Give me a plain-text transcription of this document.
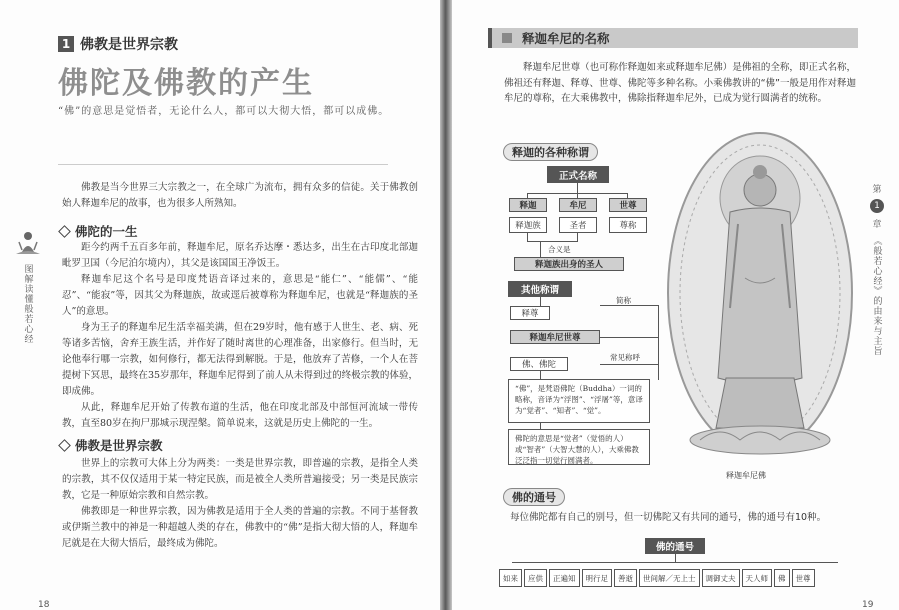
1 佛教是世界宗教
佛陀及佛教的产生
“佛”的意思是觉悟者，无论什么人，都可以大彻大悟，都可以成佛。

佛教是当今世界三大宗教之一，在全球广为流布，拥有众多的信徒。关于佛教创始人释迦牟尼的故事，也为很多人所熟知。

佛陀的一生

距今约两千五百多年前，释迦牟尼，原名乔达摩・悉达多，出生在古印度北部迦毗罗卫国（今尼泊尔境内），其父是该国国王净饭王。

释迦牟尼这个名号是印度梵语音译过来的，意思是“能仁”、“能儒”、“能忍”、“能寂”等，因其父为释迦族，故或逕后被尊称为释迦牟尼，也就是“释迦族的圣人”的意思。

身为王子的释迦牟尼生活幸福美满，但在29岁时，他有感于人世生、老、病、死等诸多苦恼，舍弃王族生活，并作好了随时离世的心理准备，出家修行。但当时，无论他奉行哪一宗教，如何修行，都无法得到解脱。于是，他放弃了苦修，一个人在菩提树下冥思，最终在35岁那年，释迦牟尼得到了前人从未得到过的终极宗教的体验，即成佛。

从此，释迦牟尼开始了传教布道的生活，他在印度北部及中部恒河流域一带传教，直至80岁在拘尸那城示现涅槃。简单说来，这就是历史上佛陀的一生。

佛教是世界宗教

世界上的宗教可大体上分为两类：一类是世界宗教，即普遍的宗教，是指全人类的宗教，其不仅仅适用于某一特定民族，而是被全人类所普遍接受；另一类是民族宗教，它是一种原始宗教和自然宗教。

佛教即是一种世界宗教，因为佛教是适用于全人类的普遍的宗教。不同于基督教或伊斯兰教中的神是一种超越人类的存在，佛教中的“佛”是指大彻大悟的人，释迦牟尼就是在大彻大悟后，最终成为佛陀。

图解读懂般若心经
18
释迦牟尼的名称
释迦牟尼世尊（也可称作释迦如来或释迦牟尼佛）是佛祖的全称，即正式名称，佛祖还有释迦、释尊、世尊、佛陀等多种名称。小乘佛教讲的“佛”一般是用作对释迦牟尼的尊称，在大乘佛教中，佛除指释迦牟尼外，已成为觉行圆满者的统称。
19
释迦的各种称谓
正式名称
释迦	牟尼	世尊
释迦族	圣者	尊称
合义是
释迦族出身的圣人
其他称谓
简称
常见称呼
释尊
释迦牟尼世尊
佛、佛陀
“佛”，是梵语佛陀（Buddha）一词的略称，音译为“浮图”、“浮屠”等，意译为“觉者”、“知者”、“觉”。
佛陀的意思是“觉者”（觉悟的人）或“智者”（大智大慧的人），大乘佛教泛泛指一切觉行圆满者。
释迦牟尼佛
第
1
章
《般若心经》的由来与主旨
佛的通号
每位佛陀都有自己的别号，但一切佛陀又有共同的通号，佛的通号有10种。
佛的通号
如来	应供	正遍知	明行足	善逝	世间解／无上士	调御丈夫	天人师	佛	世尊
